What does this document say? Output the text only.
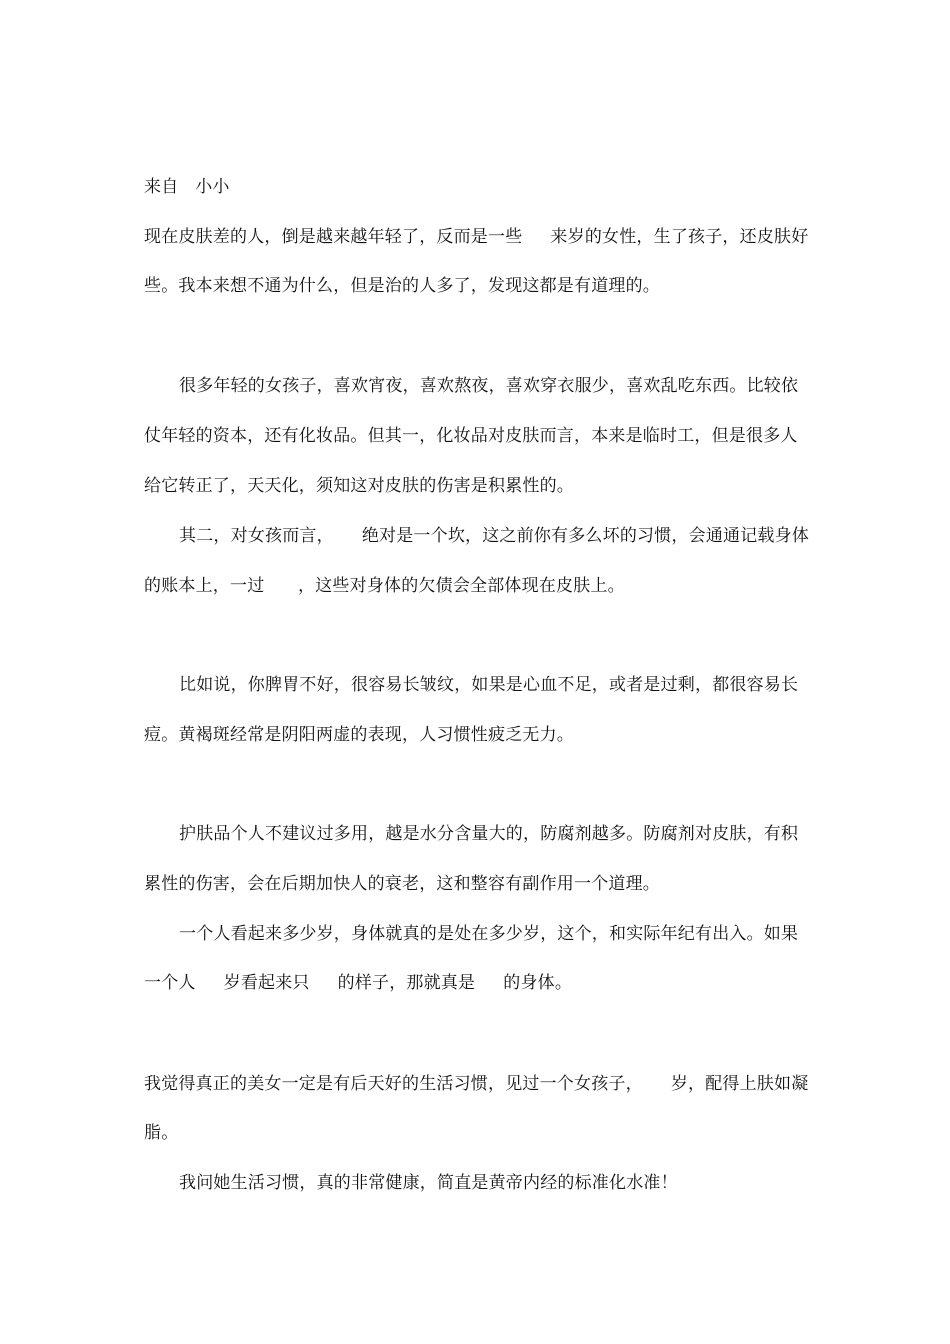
来自   小小
现在皮肤差的人，倒是越来越年轻了，反而是一些     来岁的女性，生了孩子，还皮肤好
些。我本来想不通为什么，但是治的人多了，发现这都是有道理的。
很多年轻的女孩子，喜欢宵夜，喜欢熬夜，喜欢穿衣服少，喜欢乱吃东西。比较依
仗年轻的资本，还有化妆品。但其一，化妆品对皮肤而言，本来是临时工，但是很多人
给它转正了，天天化，须知这对皮肤的伤害是积累性的。
其二，对女孩而言，     绝对是一个坎，这之前你有多么坏的习惯，会通通记载身体
的账本上，一过      ，这些对身体的欠债会全部体现在皮肤上。
比如说，你脾胃不好，很容易长皱纹，如果是心血不足，或者是过剩，都很容易长
痘。黄褐斑经常是阴阳两虚的表现，人习惯性疲乏无力。
护肤品个人不建议过多用，越是水分含量大的，防腐剂越多。防腐剂对皮肤，有积
累性的伤害，会在后期加快人的衰老，这和整容有副作用一个道理。
一个人看起来多少岁，身体就真的是处在多少岁，这个，和实际年纪有出入。如果
一个人     岁看起来只     的样子，那就真是     的身体。
我觉得真正的美女一定是有后天好的生活习惯，见过一个女孩子，     岁，配得上肤如凝
脂。
我问她生活习惯，真的非常健康，简直是黄帝内经的标准化水准！
